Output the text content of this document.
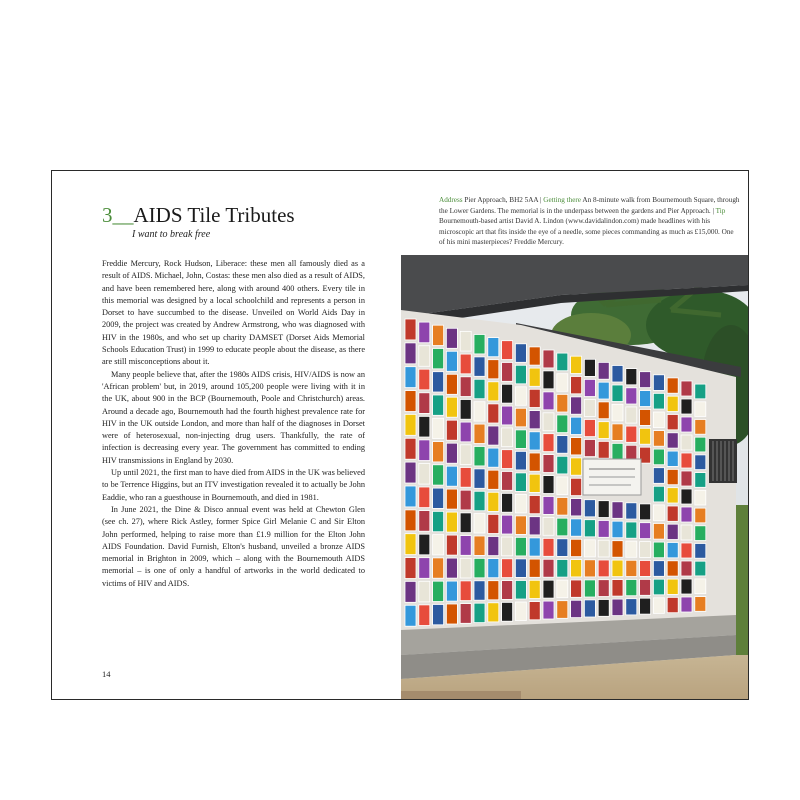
3__AIDS Tile Tributes
I want to break free

Freddie Mercury, Rock Hudson, Liberace: these men all famously died as a result of AIDS. Michael, John, Costas: these men also died as a result of AIDS, and have been remembered here, along with around 400 others. Every tile in this memorial was designed by a local schoolchild and represents a person in Dorset to have succumbed to the disease. Unveiled on World Aids Day in 2009, the project was created by Andrew Armstrong, who was diagnosed with HIV in the 1980s, and who set up charity DAMSET (Dorset Aids Memorial Schools Education Trust) in 1999 to educate people about the disease, as there are still misconceptions about it.

Many people believe that, after the 1980s AIDS crisis, HIV/AIDS is now an 'African problem' but, in 2019, around 105,200 people were living with it in the UK, about 900 in the BCP (Bournemouth, Poole and Christchurch) areas. Around a decade ago, Bournemouth had the fourth highest prevalence rate for HIV in the UK outside London, and more than half of the diagnoses in Dorset were of heterosexual, non-injecting drug users. Thankfully, the rate of infection is decreasing every year. The government has committed to ending HIV transmissions in England by 2030.

Up until 2021, the first man to have died from AIDS in the UK was believed to be Terrence Higgins, but an ITV investigation revealed it to actually be John Eaddie, who ran a guesthouse in Bournemouth, and died in 1981.

In June 2021, the Dine & Disco annual event was held at Chewton Glen (see ch. 27), where Rick Astley, former Spice Girl Melanie C and Sir Elton John performed, helping to raise more than £1.9 million for the Elton John AIDS Foundation. David Furnish, Elton's husband, unveiled a bronze AIDS memorial in Brighton in 2009, which – along with the Bournemouth AIDS memorial – is one of only a handful of artworks in the world dedicated to victims of HIV and AIDS.

14
Address Pier Approach, BH2 5AA | Getting there An 8-minute walk from Bournemouth Square, through the Lower Gardens. The memorial is in the underpass between the gardens and Pier Approach. | Tip Bournemouth-based artist David A. Lindon (www.davidalindon.com) made headlines with his microscopic art that fits inside the eye of a needle, some pieces commanding as much as £15,000. One of his mini masterpieces? Freddie Mercury.
